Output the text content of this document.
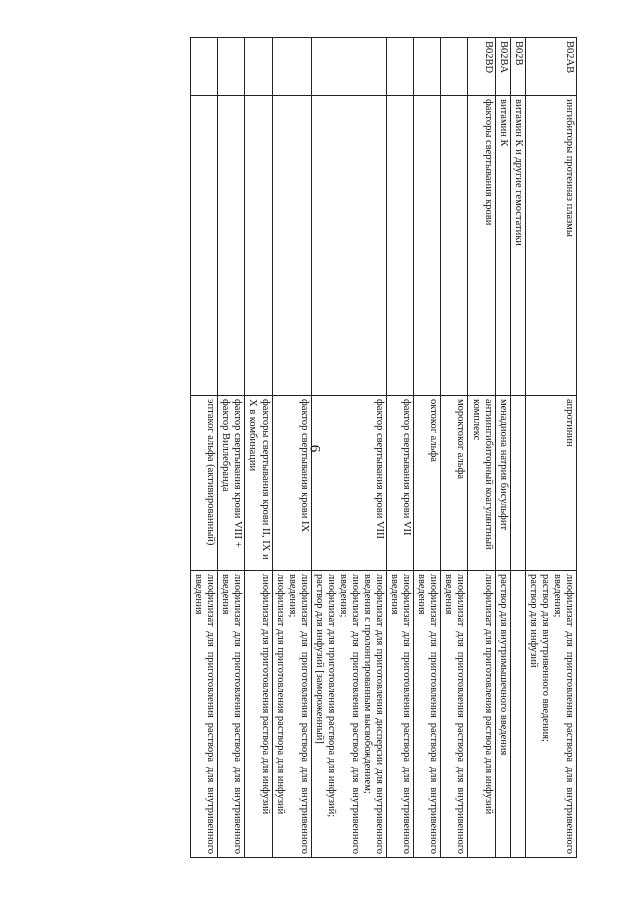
6
B02AB	ингибиторы протеиназ плазмы	апротинин	лиофилизат для приготовления раствора для внутривенного введения;
раствор для внутривенного введения;
раствор для инфузий

B02B	витамин К и другие гемостатики		
B02BA	витамин К	менадиона натрия бисульфит	раствор для внутримышечного введения

B02BD	факторы свертывания крови	антиингибиторный коагулянтный комплекс	лиофилизат для приготовления раствора для инфузий

		мороктоког альфа	лиофилизат для приготовления раствора для внутривенного введения

		октоког альфа	лиофилизат для приготовления раствора для внутривенного введения

		фактор свертывания крови VII	лиофилизат для приготовления раствора для внутривенного введения

		фактор свертывания крови VIII	лиофилизат для приготовления дисперсии для внутривенного введения с пролонгированным высвобождением;
лиофилизат для приготовления раствора для внутривенного введения;
лиофилизат для приготовления раствора для инфузий;
раствор для инфузий [замороженный]

		фактор свертывания крови IX	лиофилизат для приготовления раствора для внутривенного введения;
лиофилизат для приготовления раствора для инфузий

		факторы свертывания крови II, IX и X в комбинации	лиофилизат для приготовления раствора для инфузий

		фактор свертывания крови VIII + фактор Виллебранда	лиофилизат для приготовления раствора для внутривенного введения

		эптаког альфа (активированный)	лиофилизат для приготовления раствора для внутривенного введения
